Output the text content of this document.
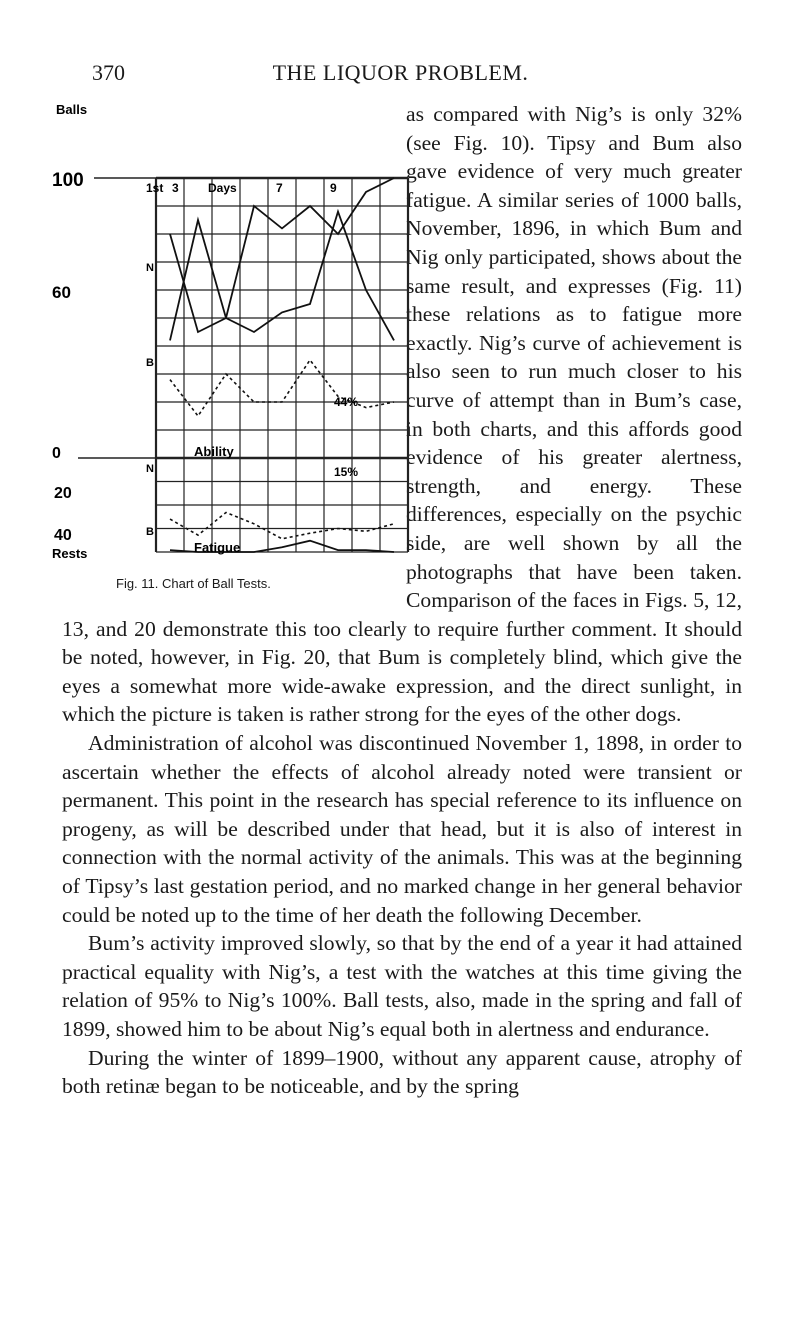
370	THE LIQUOR PROBLEM.

Balls
100
60
0
20
40
Rests
1st 3 Days	7	9
Ability
Fatigue
N
B
N
B
44%
15%
Fig. 11. Chart of Ball Tests.
as compared with Nig’s is only 32% (see Fig. 10). Tipsy and Bum also gave evidence of very much greater fatigue. A similar series of 1000 balls, November, 1896, in which Bum and Nig only participated, shows about the same result, and expresses (Fig. 11) these relations as to fatigue more exactly. Nig’s curve of achievement is also seen to run much closer to his curve of attempt than in Bum’s case, in both charts, and this affords good evidence of his greater alertness, strength, and energy. These differences, especially on the psychic side, are well shown by all the photographs that have been taken. Comparison of the faces in Figs. 5, 12, 13, and 20 demonstrate this too clearly to require further comment. It should be noted, however, in Fig. 20, that Bum is completely blind, which give the eyes a somewhat more wide-awake expression, and the direct sunlight, in which the picture is taken is rather strong for the eyes of the other dogs.

Administration of alcohol was discontinued November 1, 1898, in order to ascertain whether the effects of alcohol already noted were transient or permanent. This point in the research has special reference to its influence on progeny, as will be described under that head, but it is also of interest in connection with the normal activity of the animals. This was at the beginning of Tipsy’s last gestation period, and no marked change in her general behavior could be noted up to the time of her death the following December.

Bum’s activity improved slowly, so that by the end of a year it had attained practical equality with Nig’s, a test with the watches at this time giving the relation of 95% to Nig’s 100%. Ball tests, also, made in the spring and fall of 1899, showed him to be about Nig’s equal both in alertness and endurance.

During the winter of 1899–1900, without any apparent cause, atrophy of both retinæ began to be noticeable, and by the spring
